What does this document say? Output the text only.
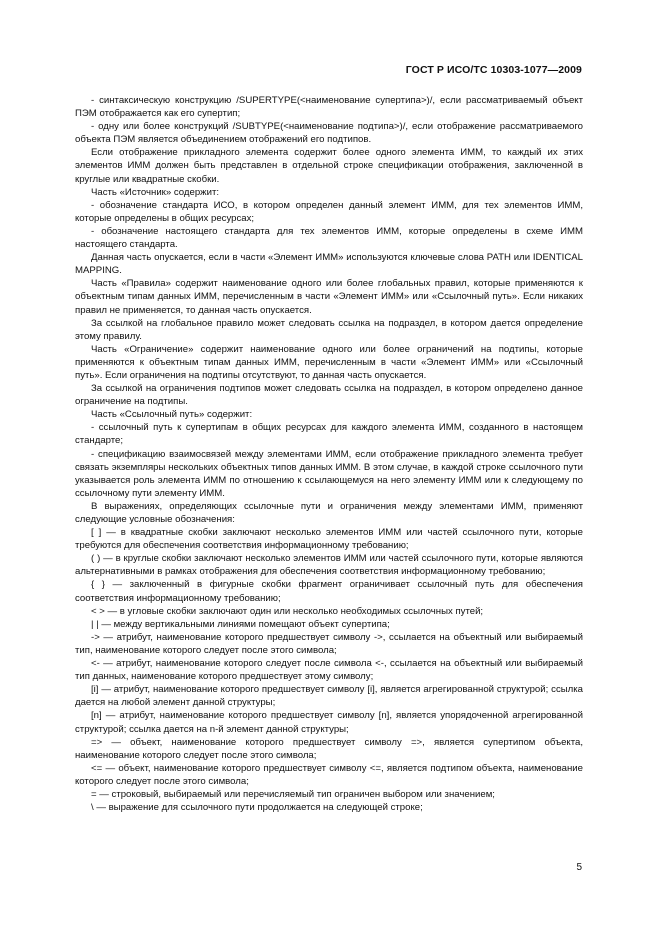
ГОСТ Р ИСО/ТС 10303-1077—2009

- синтаксическую конструкцию /SUPERTYPE(<наименование супертипа>)/, если рассматриваемый объект ПЭМ отображается как его супертип;

- одну или более конструкций /SUBTYPE(<наименование подтипа>)/, если отображение рассматриваемого объекта ПЭМ является объединением отображений его подтипов.

Если отображение прикладного элемента содержит более одного элемента ИММ, то каждый их этих элементов ИММ должен быть представлен в отдельной строке спецификации отображения, заключенной в круглые или квадратные скобки.

Часть «Источник» содержит:

- обозначение стандарта ИСО, в котором определен данный элемент ИММ, для тех элементов ИММ, которые определены в общих ресурсах;

- обозначение настоящего стандарта для тех элементов ИММ, которые определены в схеме ИММ настоящего стандарта.

Данная часть опускается, если в части «Элемент ИММ» используются ключевые слова PATH или IDENTICAL MAPPING.

Часть «Правила» содержит наименование одного или более глобальных правил, которые применяются к объектным типам данных ИММ, перечисленным в части «Элемент ИММ» или «Ссылочный путь». Если никаких правил не применяется, то данная часть опускается.

За ссылкой на глобальное правило может следовать ссылка на подраздел, в котором дается определение этому правилу.

Часть «Ограничение» содержит наименование одного или более ограничений на подтипы, которые применяются к объектным типам данных ИММ, перечисленным в части «Элемент ИММ» или «Ссылочный путь». Если ограничения на подтипы отсутствуют, то данная часть опускается.

За ссылкой на ограничения подтипов может следовать ссылка на подраздел, в котором определено данное ограничение на подтипы.

Часть «Ссылочный путь» содержит:

- ссылочный путь к супертипам в общих ресурсах для каждого элемента ИММ, созданного в настоящем стандарте;

- спецификацию взаимосвязей между элементами ИММ, если отображение прикладного элемента требует связать экземпляры нескольких объектных типов данных ИММ. В этом случае, в каждой строке ссылочного пути указывается роль элемента ИММ по отношению к ссылающемуся на него элементу ИММ или к следующему по ссылочному пути элементу ИММ.

В выражениях, определяющих ссылочные пути и ограничения между элементами ИММ, применяют следующие условные обозначения:

[ ] — в квадратные скобки заключают несколько элементов ИММ или частей ссылочного пути, которые требуются для обеспечения соответствия информационному требованию;

( ) — в круглые скобки заключают несколько элементов ИММ или частей ссылочного пути, которые являются альтернативными в рамках отображения для обеспечения соответствия информационному требованию;

{ } — заключенный в фигурные скобки фрагмент ограничивает ссылочный путь для обеспечения соответствия информационному требованию;

< > — в угловые скобки заключают один или несколько необходимых ссылочных путей;

| | — между вертикальными линиями помещают объект супертипа;

-> — атрибут, наименование которого предшествует символу ->, ссылается на объектный или выбираемый тип, наименование которого следует после этого символа;

<- — атрибут, наименование которого следует после символа <-, ссылается на объектный или выбираемый тип данных, наименование которого предшествует этому символу;

[i] — атрибут, наименование которого предшествует символу [i], является агрегированной структурой; ссылка дается на любой элемент данной структуры;

[n] — атрибут, наименование которого предшествует символу [n], является упорядоченной агрегированной структурой; ссылка дается на n-й элемент данной структуры;

=> — объект, наименование которого предшествует символу =>, является супертипом объекта, наименование которого следует после этого символа;

<= — объект, наименование которого предшествует символу <=, является подтипом объекта, наименование которого следует после этого символа;

= — строковый, выбираемый или перечисляемый тип ограничен выбором или значением;

\ — выражение для ссылочного пути продолжается на следующей строке;

5
